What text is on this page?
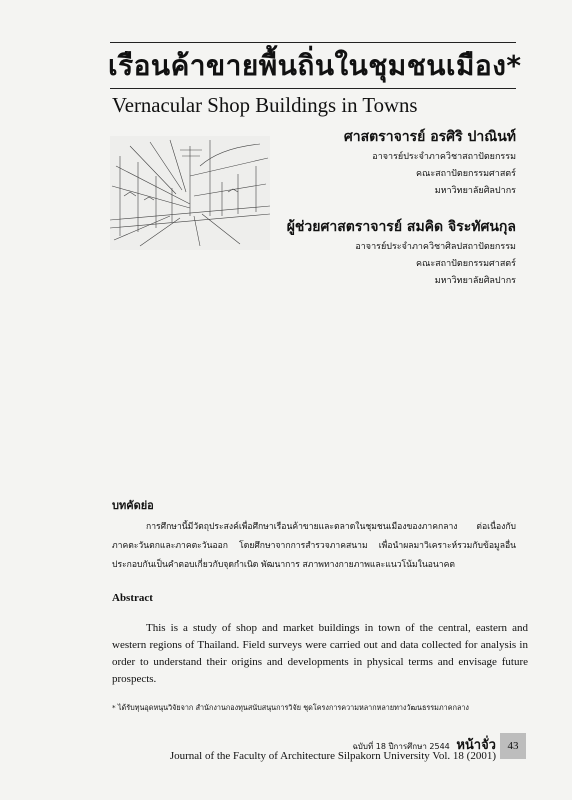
เรือนค้าขายพื้นถิ่นในชุมชนเมือง*
Vernacular Shop Buildings in Towns
ศาสตราจารย์ อรศิริ ปาณินท์
อาจารย์ประจำภาควิชาสถาปัตยกรรม
คณะสถาปัตยกรรมศาสตร์
มหาวิทยาลัยศิลปากร
ผู้ช่วยศาสตราจารย์ สมคิด จิระทัศนกุล
อาจารย์ประจำภาควิชาศิลปสถาปัตยกรรม
คณะสถาปัตยกรรมศาสตร์
มหาวิทยาลัยศิลปากร
บทคัดย่อ
การศึกษานี้มีวัตถุประสงค์เพื่อศึกษาเรือนค้าขายและตลาดในชุมชนเมืองของภาคกลาง ต่อเนื่องกับภาคตะวันตกและภาคตะวันออก โดยศึกษาจากการสำรวจภาคสนาม เพื่อนำผลมาวิเคราะห์รวมกับข้อมูลอื่นประกอบกันเป็นคำตอบเกี่ยวกับจุดกำเนิด พัฒนาการ สภาพทางกายภาพและแนวโน้มในอนาคต
Abstract
This is a study of shop and market buildings in town of the central, eastern and western regions of Thailand. Field surveys were carried out and data collected for analysis in order to understand their origins and developments in physical terms and envisage future prospects.
* ได้รับทุนอุดหนุนวิจัยจาก สำนักงานกองทุนสนับสนุนการวิจัย ชุดโครงการความหลากหลายทางวัฒนธรรมภาคกลาง
ฉบับที่ 18 ปีการศึกษา 2544 หน้าจั่ว
Journal of the Faculty of Architecture Silpakorn University Vol. 18 (2001)
43
